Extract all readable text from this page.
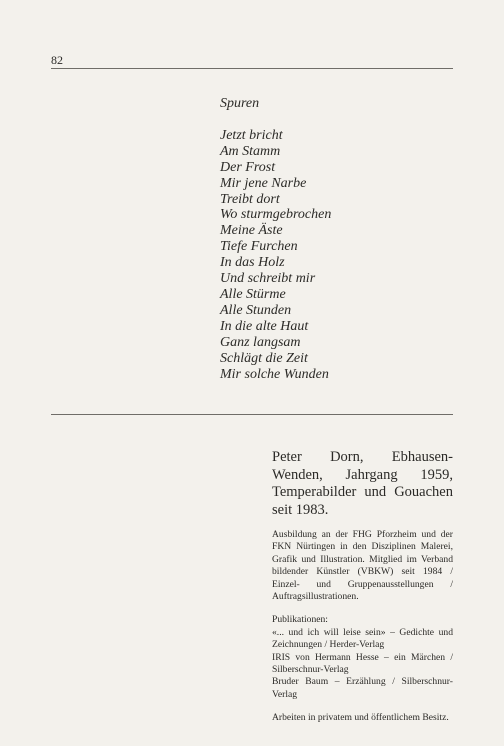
82
Spuren
Jetzt bricht
Am Stamm
Der Frost
Mir jene Narbe
Treibt dort
Wo sturmgebrochen
Meine Äste
Tiefe Furchen
In das Holz
Und schreibt mir
Alle Stürme
Alle Stunden
In die alte Haut
Ganz langsam
Schlägt die Zeit
Mir solche Wunden

Peter Dorn, Ebhausen-Wenden, Jahrgang 1959, Temperabilder und Gouachen seit 1983.

Ausbildung an der FHG Pforzheim und der FKN Nürtingen in den Disziplinen Malerei, Grafik und Illustration. Mitglied im Verband bildender Künstler (VBKW) seit 1984 / Einzel- und Gruppenausstellungen / Auftragsillustrationen.

Publikationen:

«... und ich will leise sein» – Gedichte und Zeichnungen / Herder-Verlag

IRIS von Hermann Hesse – ein Märchen / Silberschnur-Verlag

Bruder Baum – Erzählung / Silberschnur-Verlag

Arbeiten in privatem und öffentlichem Besitz.
